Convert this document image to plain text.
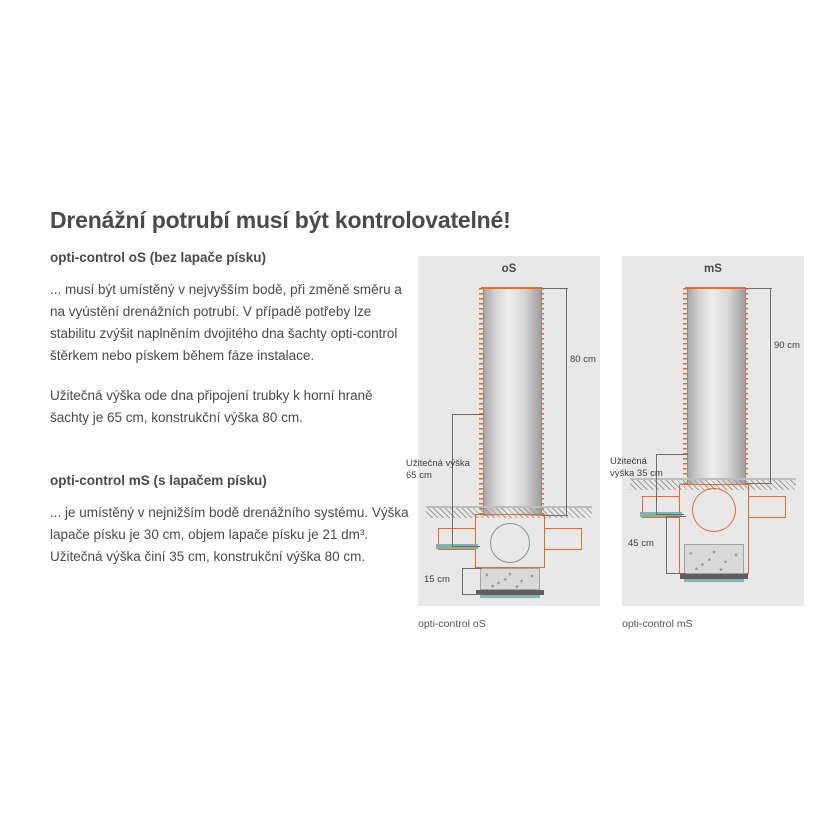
Drenážní potrubí musí být kontrolovatelné!
opti-control oS (bez lapače písku)

... musí být umístěný v nejvyšším bodě, při změně směru a na vyústění drenážních potrubí. V případě potřeby lze stabilitu zvýšit naplněním dvojitého dna šachty opti-control štěrkem nebo pískem během fáze instalace.

Užitečná výška ode dna připojení trubky k horní hraně šachty je 65 cm, konstrukční výška 80 cm.

opti-control mS (s lapačem písku)

... je umístěný v nejnižším bodě drenážního systému. Výška lapače písku je 30 cm, objem lapače písku je 21 dm³. Užitečná výška činí 35 cm, konstrukční výška 80 cm.

oS
80 cm
Užitečná výška
65 cm
15 cm
mS
90 cm
Užitečná
výška 35 cm
45 cm
opti-control oS	opti-control mS
